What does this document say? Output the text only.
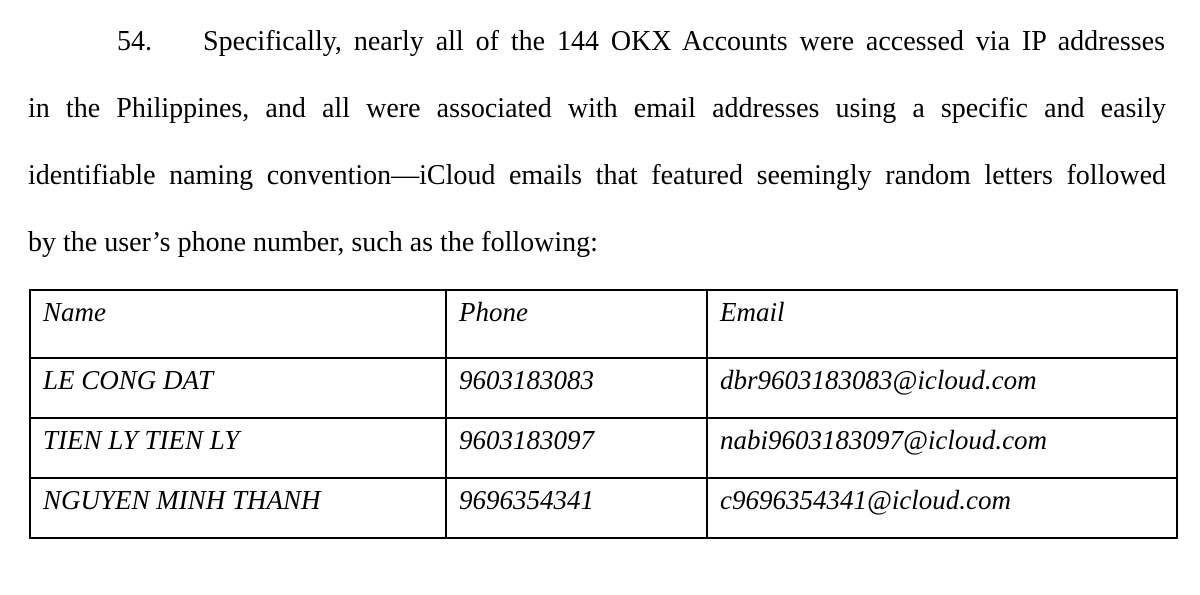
54. Specifically, nearly all of the 144 OKX Accounts were accessed via IP addresses
in the Philippines, and all were associated with email addresses using a specific and easily
identifiable naming convention—iCloud emails that featured seemingly random letters followed
by the user’s phone number, such as the following:
Name	Phone	Email
LE CONG DAT	9603183083	dbr9603183083@icloud.com
TIEN LY TIEN LY	9603183097	nabi9603183097@icloud.com
NGUYEN MINH THANH	9696354341	c9696354341@icloud.com
